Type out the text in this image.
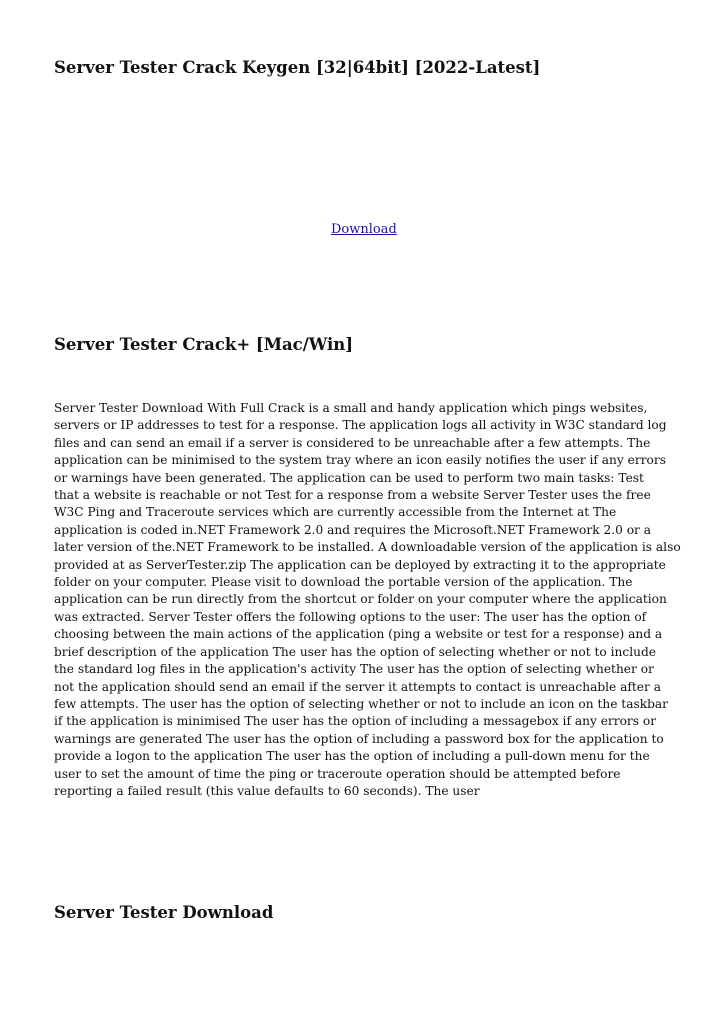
Server Tester Crack Keygen [32|64bit] [2022-Latest]
Download
Server Tester Crack+ [Mac/Win]

Server Tester Download With Full Crack is a small and handy application which pings websites,
servers or IP addresses to test for a response. The application logs all activity in W3C standard log
files and can send an email if a server is considered to be unreachable after a few attempts. The
application can be minimised to the system tray where an icon easily notifies the user if any errors
or warnings have been generated. The application can be used to perform two main tasks: Test
that a website is reachable or not Test for a response from a website Server Tester uses the free
W3C Ping and Traceroute services which are currently accessible from the Internet at The
application is coded in.NET Framework 2.0 and requires the Microsoft.NET Framework 2.0 or a
later version of the.NET Framework to be installed. A downloadable version of the application is also
provided at as ServerTester.zip The application can be deployed by extracting it to the appropriate
folder on your computer. Please visit to download the portable version of the application. The
application can be run directly from the shortcut or folder on your computer where the application
was extracted. Server Tester offers the following options to the user: The user has the option of
choosing between the main actions of the application (ping a website or test for a response) and a
brief description of the application The user has the option of selecting whether or not to include
the standard log files in the application's activity The user has the option of selecting whether or
not the application should send an email if the server it attempts to contact is unreachable after a
few attempts. The user has the option of selecting whether or not to include an icon on the taskbar
if the application is minimised The user has the option of including a messagebox if any errors or
warnings are generated The user has the option of including a password box for the application to
provide a logon to the application The user has the option of including a pull-down menu for the
user to set the amount of time the ping or traceroute operation should be attempted before
reporting a failed result (this value defaults to 60 seconds). The user

Server Tester Download
